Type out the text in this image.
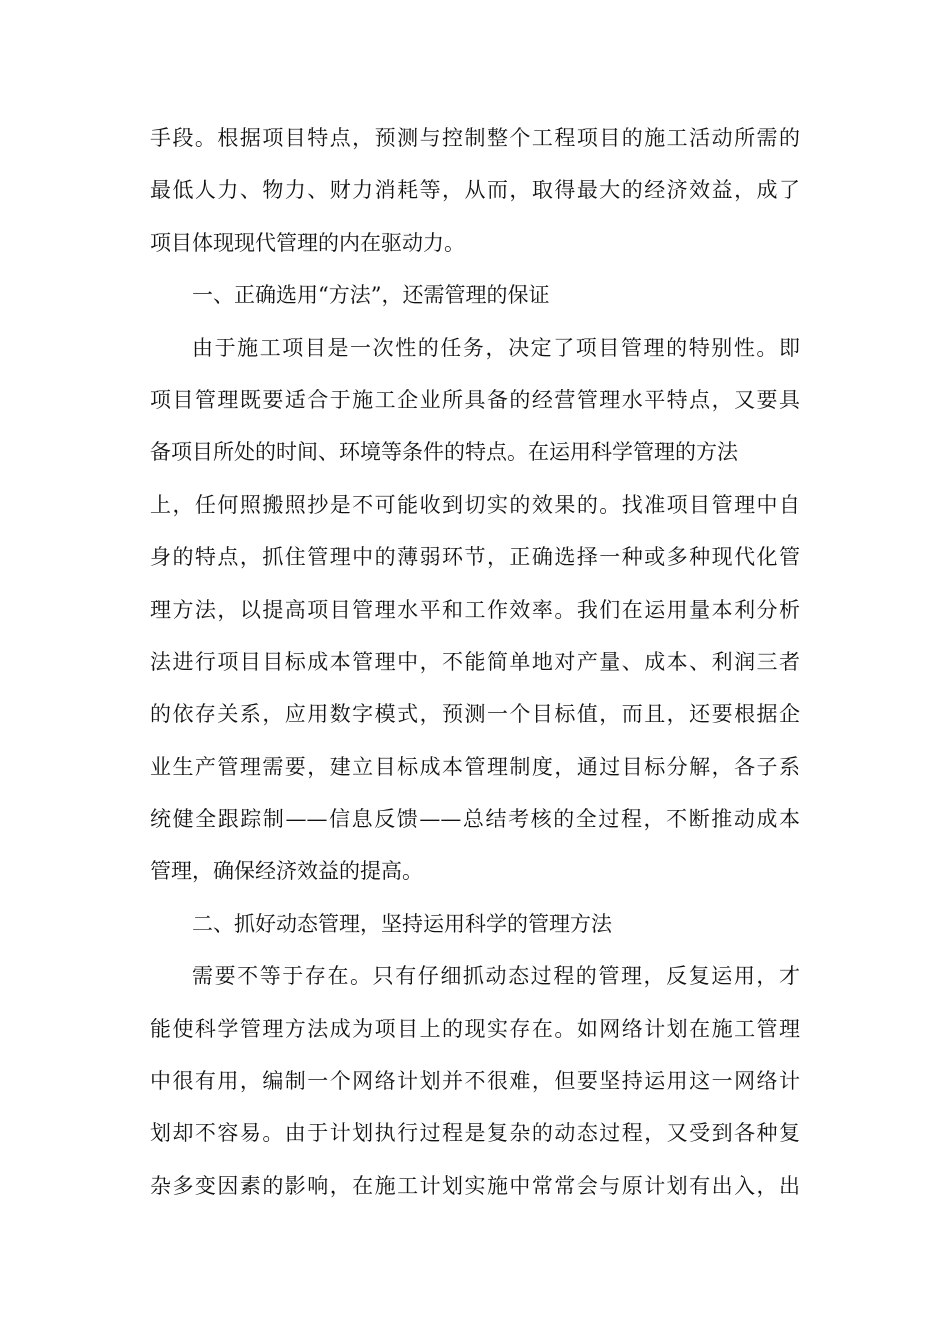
手段。根据项目特点，预测与控制整个工程项目的施工活动所需的
最低人力、物力、财力消耗等，从而，取得最大的经济效益，成了
项目体现现代管理的内在驱动力。
一、正确选用“方法”，还需管理的保证
由于施工项目是一次性的任务，决定了项目管理的特别性。即
项目管理既要适合于施工企业所具备的经营管理水平特点，又要具
备项目所处的时间、环境等条件的特点。在运用科学管理的方法
上，任何照搬照抄是不可能收到切实的效果的。找准项目管理中自
身的特点，抓住管理中的薄弱环节，正确选择一种或多种现代化管
理方法，以提高项目管理水平和工作效率。我们在运用量本利分析
法进行项目目标成本管理中，不能简单地对产量、成本、利润三者
的依存关系，应用数字模式，预测一个目标值，而且，还要根据企
业生产管理需要，建立目标成本管理制度，通过目标分解，各子系
统健全跟踪制——信息反馈——总结考核的全过程，不断推动成本
管理，确保经济效益的提高。
二、抓好动态管理，坚持运用科学的管理方法
需要不等于存在。只有仔细抓动态过程的管理，反复运用，才
能使科学管理方法成为项目上的现实存在。如网络计划在施工管理
中很有用，编制一个网络计划并不很难，但要坚持运用这一网络计
划却不容易。由于计划执行过程是复杂的动态过程，又受到各种复
杂多变因素的影响，在施工计划实施中常常会与原计划有出入，出
